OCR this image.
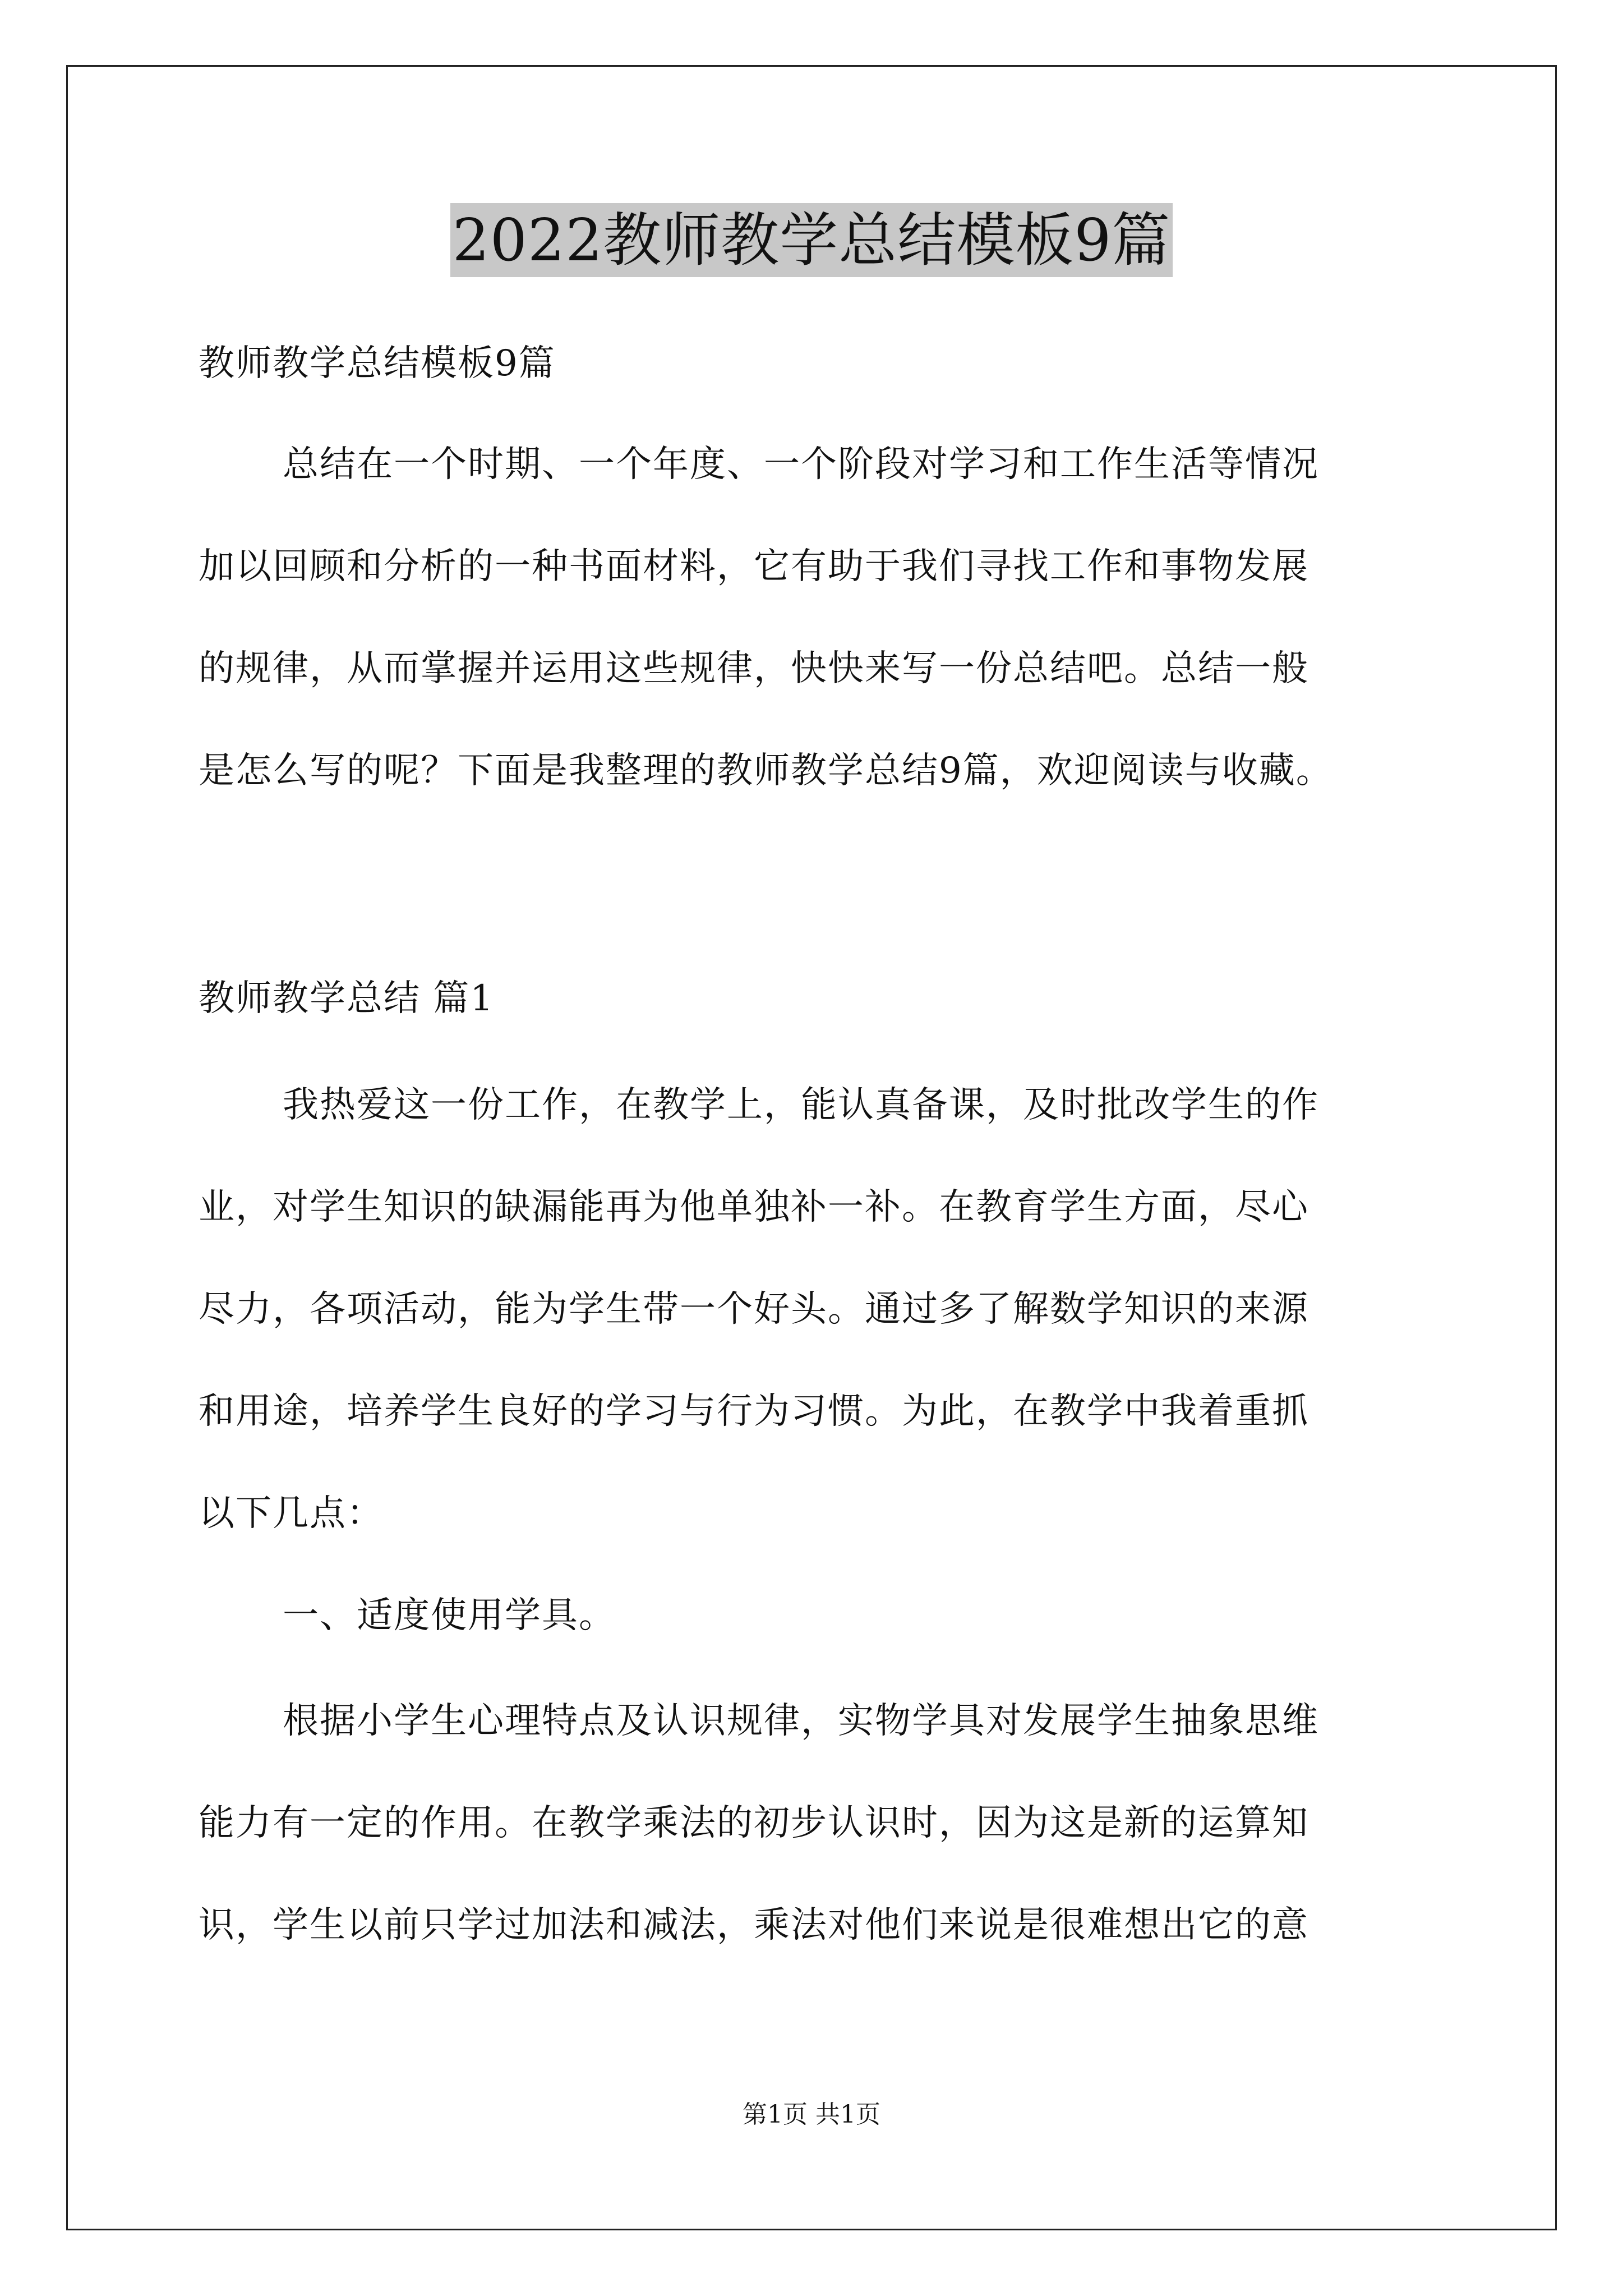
2022教师教学总结模板9篇
教师教学总结模板9篇
总结在一个时期、一个年度、一个阶段对学习和工作生活等情况
加以回顾和分析的一种书面材料，它有助于我们寻找工作和事物发展
的规律，从而掌握并运用这些规律，快快来写一份总结吧。总结一般
是怎么写的呢？下面是我整理的教师教学总结9篇，欢迎阅读与收藏。
教师教学总结 篇1
我热爱这一份工作，在教学上，能认真备课，及时批改学生的作
业，对学生知识的缺漏能再为他单独补一补。在教育学生方面，尽心
尽力，各项活动，能为学生带一个好头。通过多了解数学知识的来源
和用途，培养学生良好的学习与行为习惯。为此，在教学中我着重抓
以下几点：
一、适度使用学具。
根据小学生心理特点及认识规律，实物学具对发展学生抽象思维
能力有一定的作用。在教学乘法的初步认识时，因为这是新的运算知
识，学生以前只学过加法和减法，乘法对他们来说是很难想出它的意
第1页 共1页
